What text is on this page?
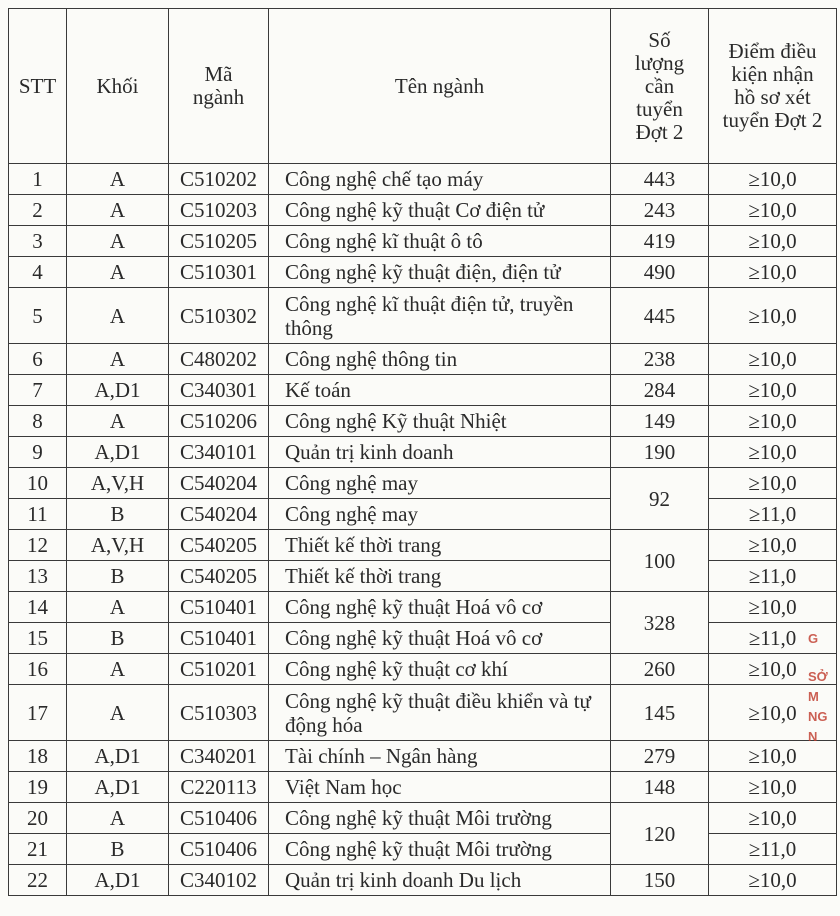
STT	Khối	Mã ngành	Tên ngành	Số lượng cần tuyển Đợt 2	Điểm điều kiện nhận hồ sơ xét tuyển Đợt 2
1	A	C510202	Công nghệ chế tạo máy	443	≥10,0
2	A	C510203	Công nghệ kỹ thuật Cơ điện tử	243	≥10,0
3	A	C510205	Công nghệ kĩ thuật ô tô	419	≥10,0
4	A	C510301	Công nghệ kỹ thuật điện, điện tử	490	≥10,0
5	A	C510302	Công nghệ kĩ thuật điện tử, truyền thông	445	≥10,0
6	A	C480202	Công nghệ thông tin	238	≥10,0
7	A,D1	C340301	Kế toán	284	≥10,0
8	A	C510206	Công nghệ Kỹ thuật Nhiệt	149	≥10,0
9	A,D1	C340101	Quản trị kinh doanh	190	≥10,0
10	A,V,H	C540204	Công nghệ may	92	≥10,0
11	B	C540204	Công nghệ may		≥11,0
12	A,V,H	C540205	Thiết kế thời trang	100	≥10,0
13	B	C540205	Thiết kế thời trang		≥11,0
14	A	C510401	Công nghệ kỹ thuật Hoá vô cơ	328	≥10,0
15	B	C510401	Công nghệ kỹ thuật Hoá vô cơ		≥11,0
16	A	C510201	Công nghệ kỹ thuật cơ khí	260	≥10,0
17	A	C510303	Công nghệ kỹ thuật điều khiển và tự động hóa	145	≥10,0
18	A,D1	C340201	Tài chính – Ngân hàng	279	≥10,0
19	A,D1	C220113	Việt Nam học	148	≥10,0
20	A	C510406	Công nghệ kỹ thuật Môi trường	120	≥10,0
21	B	C510406	Công nghệ kỹ thuật Môi trường		≥11,0
22	A,D1	C340102	Quản trị kinh doanh Du lịch	150	≥10,0
G
SỞ
M
NG
N
